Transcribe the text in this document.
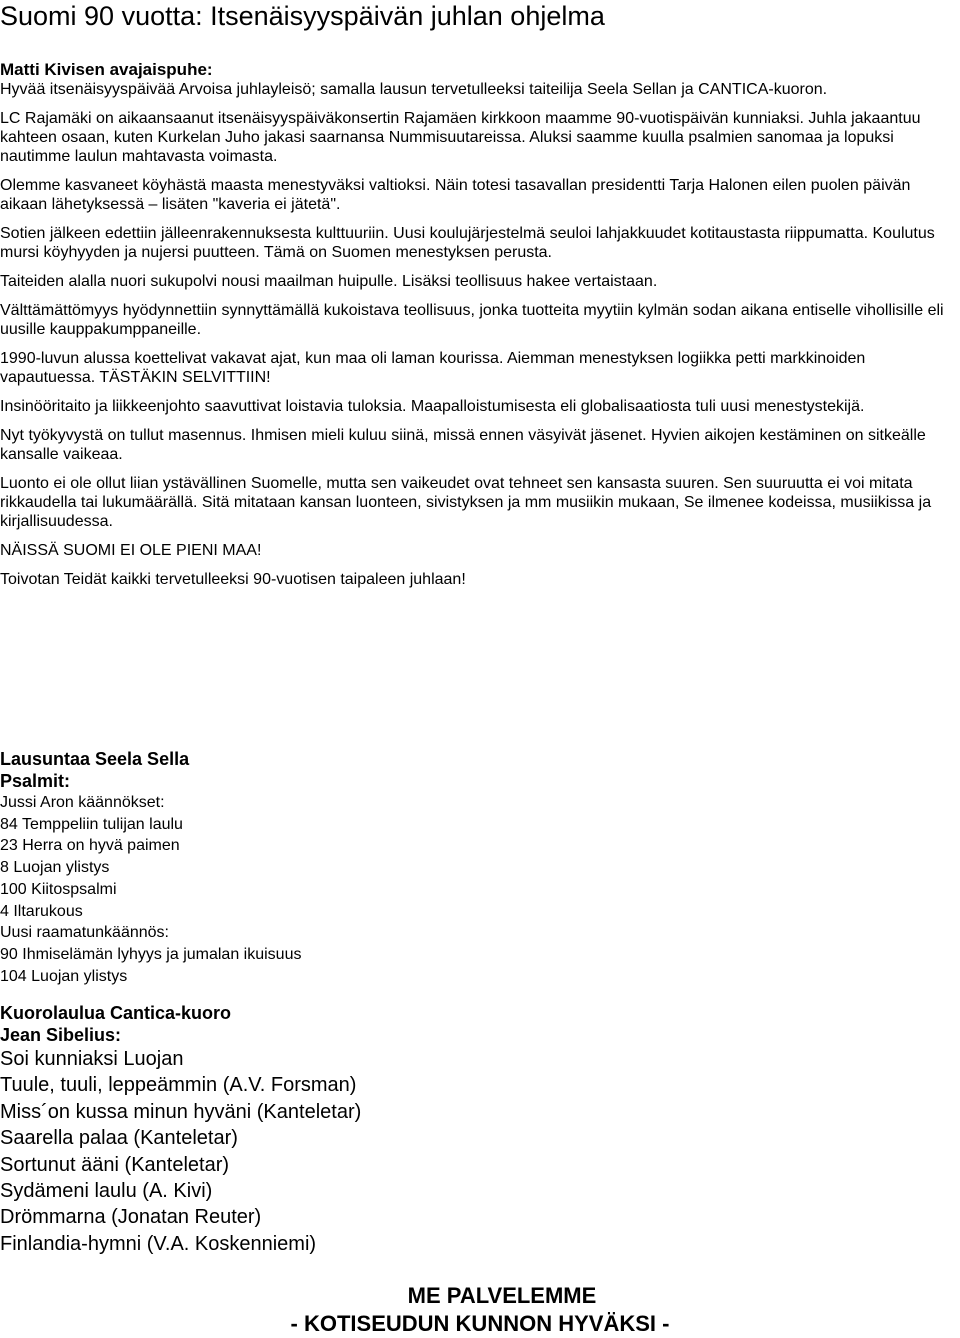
Suomi 90 vuotta: Itsenäisyyspäivän juhlan ohjelma
Matti Kivisen avajaispuhe:

Hyvää itsenäisyyspäivää Arvoisa juhlayleisö; samalla lausun tervetulleeksi taiteilija Seela Sellan ja CANTICA-kuoron.

LC Rajamäki on aikaansaanut itsenäisyyspäiväkonsertin Rajamäen kirkkoon maamme 90-vuotispäivän kunniaksi. Juhla jakaantuu kahteen osaan, kuten Kurkelan Juho jakasi saarnansa Nummisuutareissa. Aluksi saamme kuulla psalmien sanomaa ja lopuksi nautimme laulun mahtavasta voimasta.

Olemme kasvaneet köyhästä maasta menestyväksi valtioksi. Näin totesi tasavallan presidentti Tarja Halonen eilen puolen päivän aikaan lähetyksessä – lisäten "kaveria ei jätetä".

Sotien jälkeen edettiin jälleenrakennuksesta kulttuuriin. Uusi koulujärjestelmä seuloi lahjakkuudet kotitaustasta riippumatta. Koulutus mursi köyhyyden ja nujersi puutteen. Tämä on Suomen menestyksen perusta.

Taiteiden alalla nuori sukupolvi nousi maailman huipulle. Lisäksi teollisuus hakee vertaistaan.

Välttämättömyys hyödynnettiin synnyttämällä kukoistava teollisuus, jonka tuotteita myytiin kylmän sodan aikana entiselle vihollisille eli uusille kauppakumppaneille.

1990-luvun alussa koettelivat vakavat ajat, kun maa oli laman kourissa. Aiemman menestyksen logiikka petti markkinoiden vapautuessa. TÄSTÄKIN SELVITTIIN!

Insinööritaito ja liikkeenjohto saavuttivat loistavia tuloksia. Maapalloistumisesta eli globalisaatiosta tuli uusi menestystekijä.

Nyt työkyvystä on tullut masennus. Ihmisen mieli kuluu siinä, missä ennen väsyivät jäsenet. Hyvien aikojen kestäminen on sitkeälle kansalle vaikeaa.

Luonto ei ole ollut liian ystävällinen Suomelle, mutta sen vaikeudet ovat tehneet sen kansasta suuren. Sen suuruutta ei voi mitata rikkaudella tai lukumäärällä. Sitä mitataan kansan luonteen, sivistyksen ja mm musiikin mukaan, Se ilmenee kodeissa, musiikissa ja kirjallisuudessa.

NÄISSÄ SUOMI EI OLE PIENI MAA!

Toivotan Teidät kaikki tervetulleeksi 90-vuotisen taipaleen juhlaan!

Lausuntaa Seela Sella
Psalmit:
Jussi Aron käännökset:
84 Temppeliin tulijan laulu
23 Herra on hyvä paimen
8 Luojan ylistys
100 Kiitospsalmi
4 Iltarukous
Uusi raamatunkäännös:
90 Ihmiselämän lyhyys ja jumalan ikuisuus
104 Luojan ylistys
Kuorolaulua Cantica-kuoro
Jean Sibelius:
Soi kunniaksi Luojan
Tuule, tuuli, leppeämmin (A.V. Forsman)
Miss´on kussa minun hyväni (Kanteletar)
Saarella palaa (Kanteletar)
Sortunut ääni (Kanteletar)
Sydämeni laulu (A. Kivi)
Drömmarna (Jonatan Reuter)
Finlandia-hymni (V.A. Koskenniemi)
ME PALVELEMME
- KOTISEUDUN KUNNON HYVÄKSI -
